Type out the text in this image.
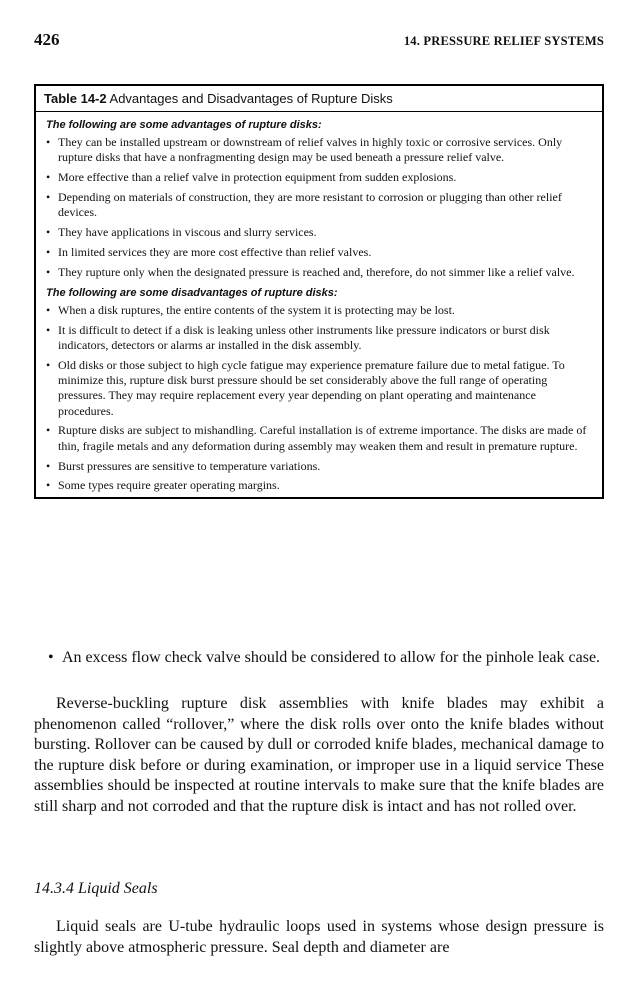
426	14. PRESSURE RELIEF SYSTEMS
Table 14-2 Advantages and Disadvantages of Rupture Disks
The following are some advantages of rupture disks:
• They can be installed upstream or downstream of relief valves in highly toxic or corrosive services. Only rupture disks that have a nonfragmenting design may be used beneath a pressure relief valve.
• More effective than a relief valve in protection equipment from sudden explosions.
• Depending on materials of construction, they are more resistant to corrosion or plugging than other relief devices.
• They have applications in viscous and slurry services.
• In limited services they are more cost effective than relief valves.
• They rupture only when the designated pressure is reached and, therefore, do not simmer like a relief valve.
The following are some disadvantages of rupture disks:
• When a disk ruptures, the entire contents of the system it is protecting may be lost.
• It is difficult to detect if a disk is leaking unless other instruments like pressure indicators or burst disk indicators, detectors or alarms ar installed in the disk assembly.
• Old disks or those subject to high cycle fatigue may experience premature failure due to metal fatigue. To minimize this, rupture disk burst pressure should be set considerably above the full range of operating pressures. They may require replacement every year depending on plant operating and maintenance procedures.
• Rupture disks are subject to mishandling. Careful installation is of extreme importance. The disks are made of thin, fragile metals and any deformation during assembly may weaken them and result in premature rupture.
• Burst pressures are sensitive to temperature variations.
• Some types require greater operating margins.
• An excess flow check valve should be considered to allow for the pinhole leak case.
Reverse-buckling rupture disk assemblies with knife blades may exhibit a phenomenon called “rollover,” where the disk rolls over onto the knife blades without bursting. Rollover can be caused by dull or corroded knife blades, mechanical damage to the rupture disk before or during examination, or improper use in a liquid service These assemblies should be inspected at routine intervals to make sure that the knife blades are still sharp and not corroded and that the rupture disk is intact and has not rolled over.
14.3.4 Liquid Seals
Liquid seals are U-tube hydraulic loops used in systems whose design pressure is slightly above atmospheric pressure. Seal depth and diameter are
